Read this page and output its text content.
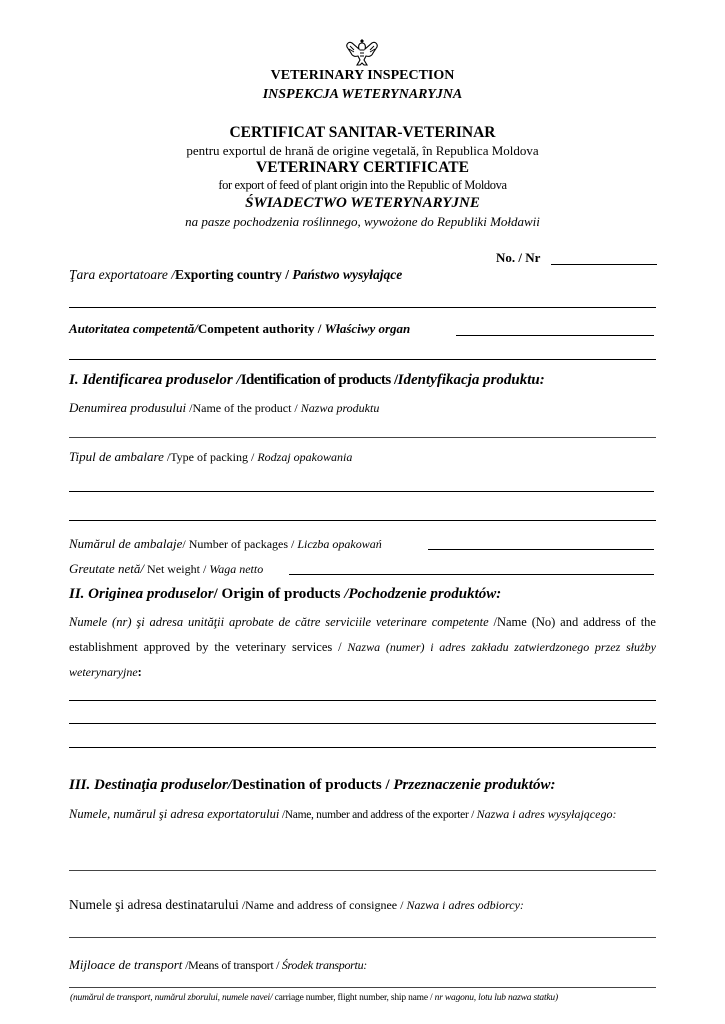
VETERINARY INSPECTION
INSPEKCJA WETERYNARYJNA
CERTIFICAT SANITAR-VETERINAR
pentru exportul de hrană de origine vegetală, în Republica Moldova
VETERINARY CERTIFICATE
for export of feed of plant origin into the Republic of Moldova
ŚWIADECTWO WETERYNARYJNE
na pasze pochodzenia roślinnego, wywożone do Republiki Mołdawii
No. / Nr
Ţara exportatoare /Exporting country / Państwo wysyłające
Autoritatea competentă/Competent authority / Właściwy organ
I. Identificarea produselor /Identification of products /Identyfikacja produktu:
Denumirea produsului /Name of the product / Nazwa produktu
Tipul de ambalare /Type of packing / Rodzaj opakowania
Numărul de ambalaje/ Number of packages / Liczba opakowań
Greutate netă/ Net weight / Waga netto
II. Originea produselor/ Origin of products /Pochodzenie produktów:
Numele (nr) şi adresa unităţii aprobate de către serviciile veterinare competente /Name (No) and address of the establishment approved by the veterinary services / Nazwa (numer) i adres zakładu zatwierdzonego przez służby weterynaryjne:
III. Destinaţia produselor/Destination of products / Przeznaczenie produktów:
Numele, numărul şi adresa exportatorului /Name, number and address of the exporter / Nazwa i adres wysyłającego:
Numele şi adresa destinatarului /Name and address of consignee / Nazwa i adres odbiorcy:
Mijloace de transport /Means of transport / Środek transportu:
(numărul de transport, numărul zborului, numele navei/ carriage number, flight number, ship name / nr wagonu, lotu lub nazwa statku)
